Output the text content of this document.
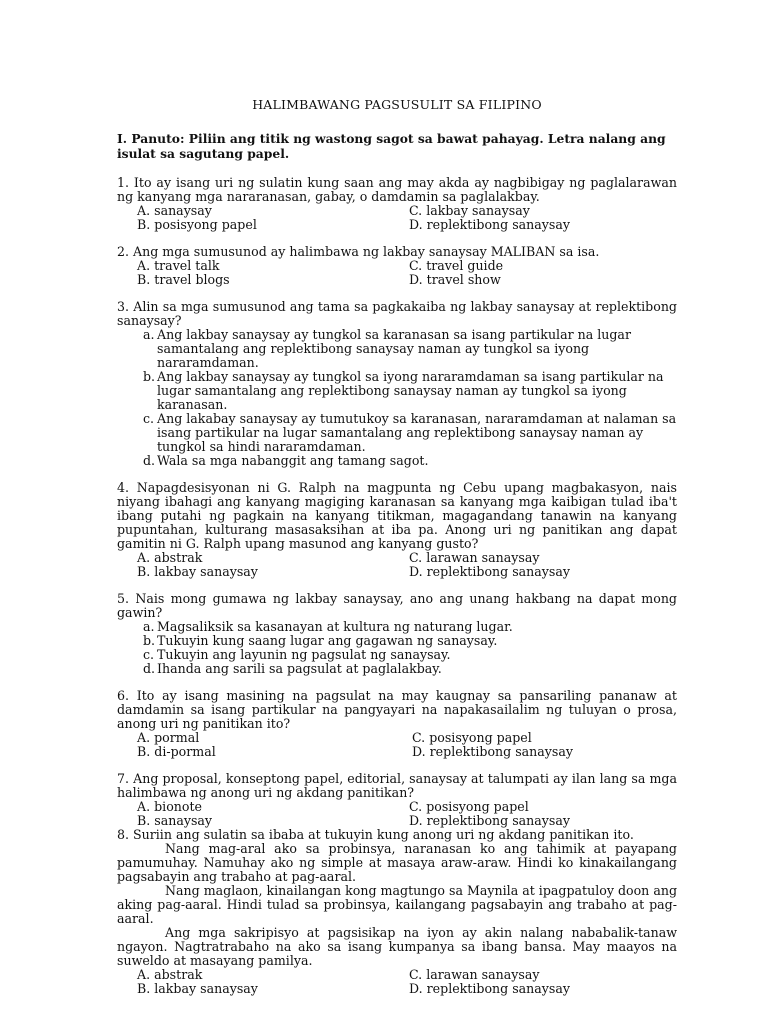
HALIMBAWANG PAGSUSULIT SA FILIPINO

I. Panuto: Piliin ang titik ng wastong sagot sa bawat pahayag. Letra nalang ang isulat sa sagutang papel.

1. Ito ay isang uri ng sulatin kung saan ang may akda ay nagbibigay ng paglalarawan ng kanyang mga nararanasan, gabay, o damdamin sa paglalakbay.

A. sanaysay	C. lakbay sanaysay
B. posisyong papel	D. replektibong sanaysay

2. Ang mga sumusunod ay halimbawa ng lakbay sanaysay MALIBAN sa isa.

A. travel talk	C. travel guide
B. travel blogs	D. travel show

3. Alin sa mga sumusunod ang tama sa pagkakaiba ng lakbay sanaysay at replektibong sanaysay?

a. Ang lakbay sanaysay ay tungkol sa karanasan sa isang partikular na lugar samantalang ang replektibong sanaysay naman ay tungkol sa iyong nararamdaman.
b. Ang lakbay sanaysay ay tungkol sa iyong nararamdaman sa isang partikular na lugar samantalang ang replektibong sanaysay naman ay tungkol sa iyong karanasan.
c. Ang lakabay sanaysay ay tumutukoy sa karanasan, nararamdaman at nalaman sa isang partikular na lugar samantalang ang replektibong sanaysay naman ay tungkol sa hindi nararamdaman.
d. Wala sa mga nabanggit ang tamang sagot.

4. Napagdesisyonan ni G. Ralph na magpunta ng Cebu upang magbakasyon, nais niyang ibahagi ang kanyang magiging karanasan sa kanyang mga kaibigan tulad iba't ibang putahi ng pagkain na kanyang titikman, magagandang tanawin na kanyang pupuntahan, kulturang masasaksihan at iba pa. Anong uri ng panitikan ang dapat gamitin ni G. Ralph upang masunod ang kanyang gusto?

A. abstrak	C. larawan sanaysay
B. lakbay sanaysay	D. replektibong sanaysay

5. Nais mong gumawa ng lakbay sanaysay, ano ang unang hakbang na dapat mong gawin?

a. Magsaliksik sa kasanayan at kultura ng naturang lugar.
b. Tukuyin kung saang lugar ang gagawan ng sanaysay.
c. Tukuyin ang layunin ng pagsulat ng sanaysay.
d. Ihanda ang sarili sa pagsulat at paglalakbay.

6. Ito ay isang masining na pagsulat na may kaugnay sa pansariling pananaw at damdamin sa isang partikular na pangyayari na napakasailalim ng tuluyan o prosa, anong uri ng panitikan ito?

A. pormal	C. posisyong papel
B. di-pormal	D. replektibong sanaysay

7. Ang proposal, konseptong papel, editorial, sanaysay at talumpati ay ilan lang sa mga halimbawa ng anong uri ng akdang panitikan?

A. bionote	C. posisyong papel
B. sanaysay	D. replektibong sanaysay

8. Suriin ang sulatin sa ibaba at tukuyin kung anong uri ng akdang panitikan ito.

Nang mag-aral ako sa probinsya, naranasan ko ang tahimik at payapang pamumuhay. Namuhay ako ng simple at masaya araw-araw. Hindi ko kinakailangang pagsabayin ang trabaho at pag-aaral.

Nang maglaon, kinailangan kong magtungo sa Maynila at ipagpatuloy doon ang aking pag-aaral. Hindi tulad sa probinsya, kailangang pagsabayin ang trabaho at pag-aaral.

Ang mga sakripisyo at pagsisikap na iyon ay akin nalang nababalik-tanaw ngayon. Nagtratrabaho na ako sa isang kumpanya sa ibang bansa. May maayos na suweldo at masayang pamilya.

A. abstrak	C. larawan sanaysay
B. lakbay sanaysay	D. replektibong sanaysay
